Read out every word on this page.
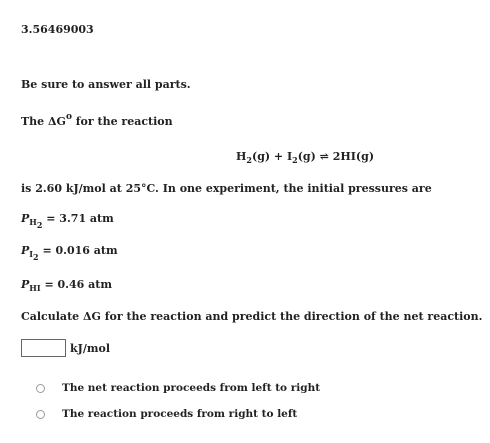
3.56469003
Be sure to answer all parts.
The $\Delta G^o$ for the reaction
$H_2(g) + I_2(g)$ ⇌ 2HI(g)
is 2.60 kJ/mol at 25°C. In one experiment, the initial pressures are
$P_{H_2} = 3.71$ atm
$P_{I_2} = 0.016$ atm
$P_{HI} = 0.46$ atm
Calculate ΔG for the reaction and predict the direction of the net reaction.
kJ/mol
The net reaction proceeds from left to right
The reaction proceeds from right to left
